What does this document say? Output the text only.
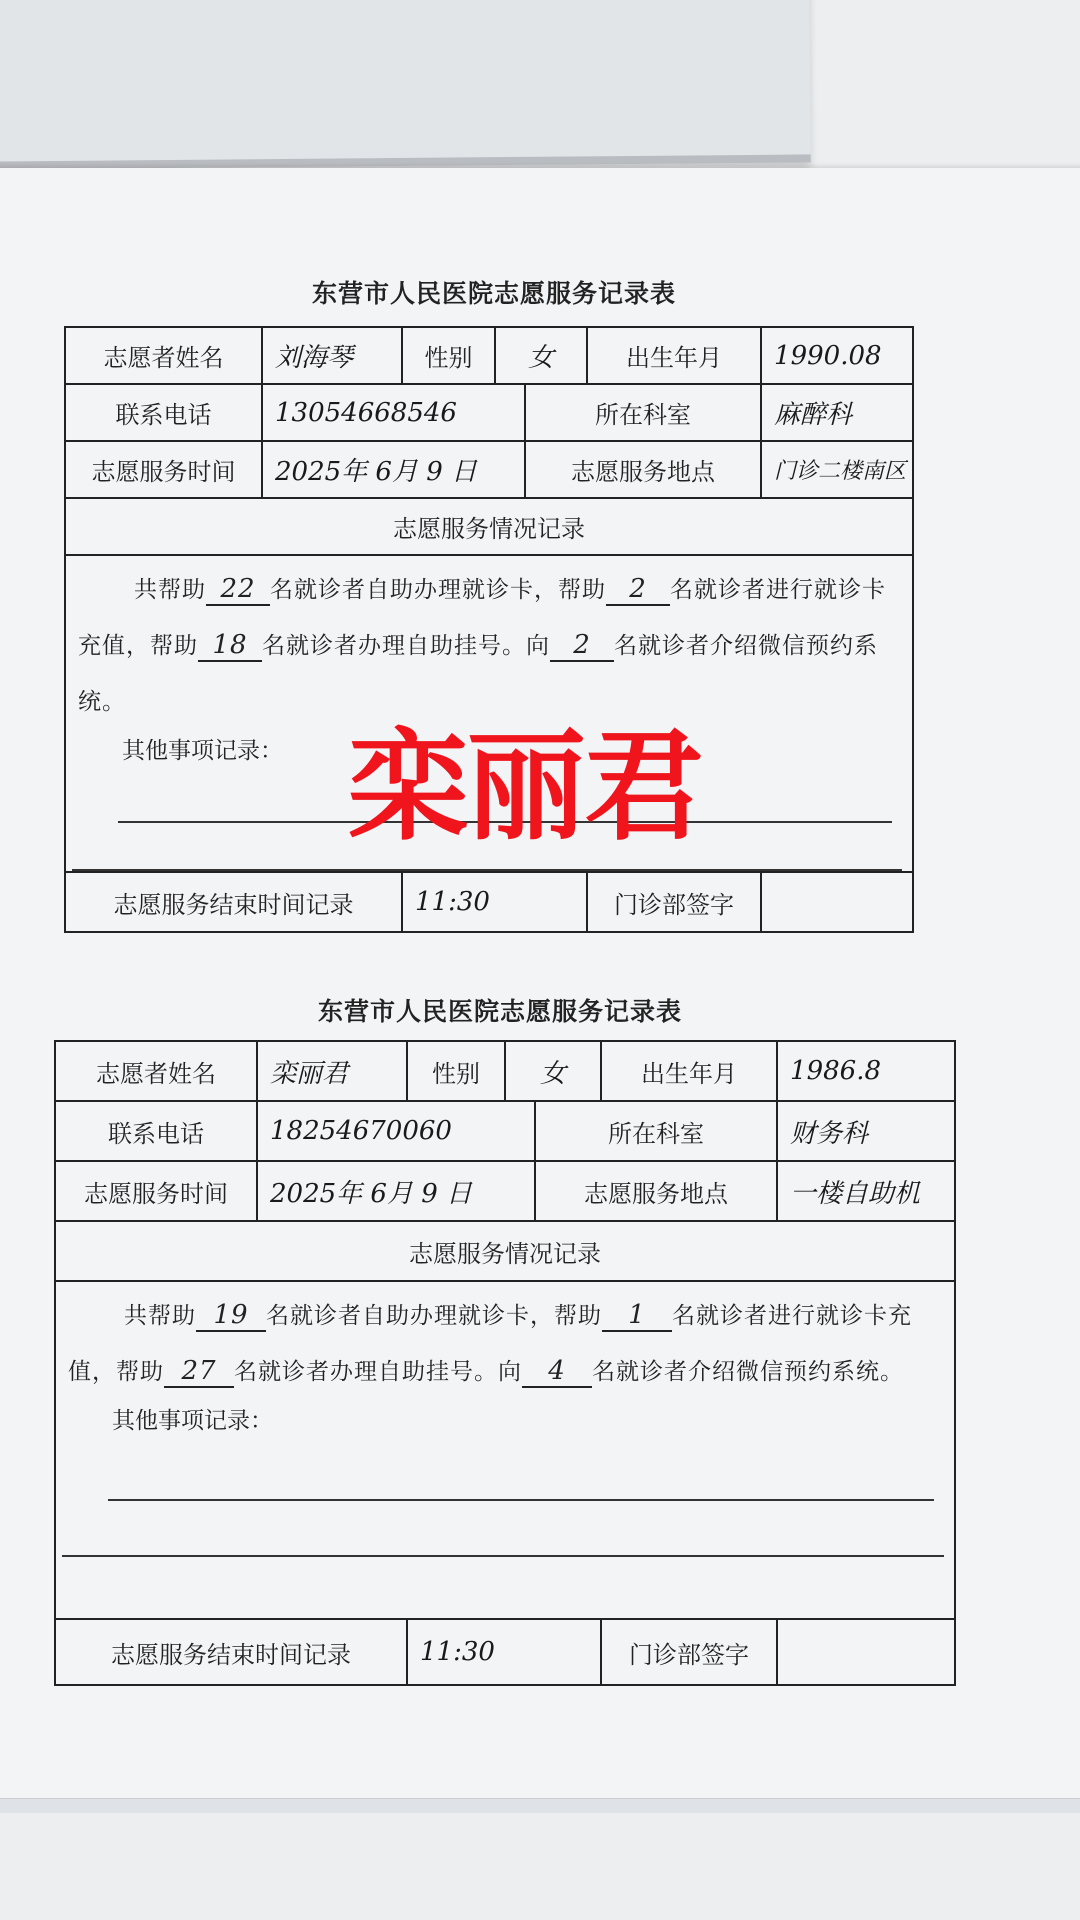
东营市人民医院志愿服务记录表
志愿者姓名	刘海琴	性别	女		出生年月	1990.08
联系电话	13054668546			所在科室		麻醉科
志愿服务时间	2025年 6月 9 日			志愿服务地点		门诊二楼南区
志愿服务情况记录						

共帮助 22 名就诊者自助办理就诊卡，帮助 2 名就诊者进行就诊卡充值，帮助 18 名就诊者办理自助挂号。向 2 名就诊者介绍微信预约系统。
其他事项记录：						

志愿服务结束时间记录		11:30			门诊部签字	
东营市人民医院志愿服务记录表
志愿者姓名	栾丽君	性别	女		出生年月	1986.8
联系电话	18254670060			所在科室		财务科
志愿服务时间	2025年 6月 9 日			志愿服务地点		一楼自助机
志愿服务情况记录						

共帮助 19 名就诊者自助办理就诊卡，帮助 1 名就诊者进行就诊卡充值，帮助 27 名就诊者办理自助挂号。向 4 名就诊者介绍微信预约系统。
其他事项记录：						

志愿服务结束时间记录		11:30			门诊部签字	
栾丽君
